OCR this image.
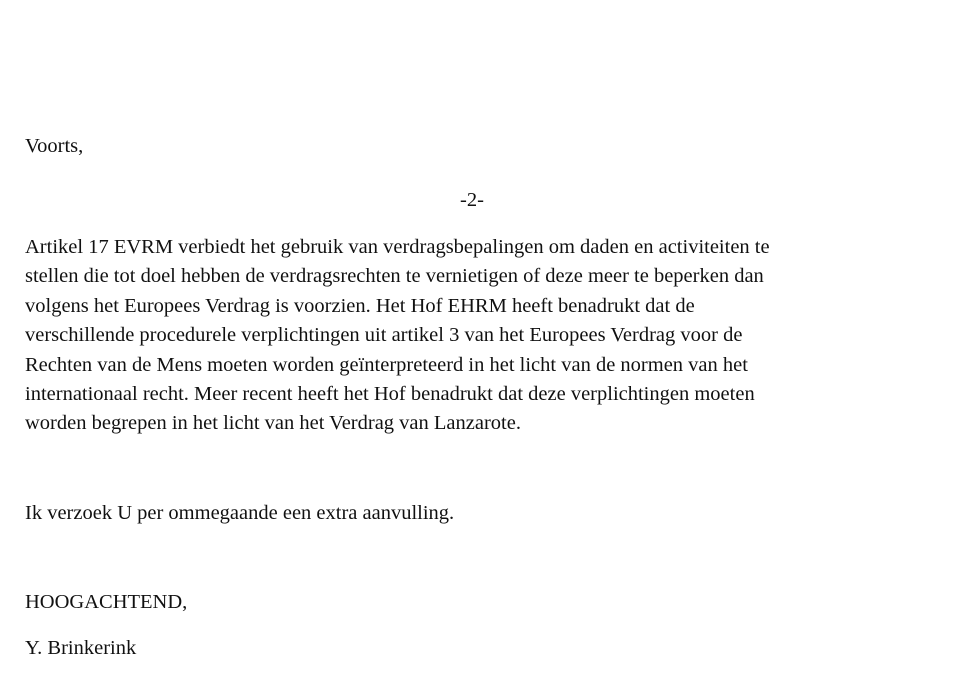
Voorts,
-2-
Artikel 17 EVRM verbiedt het gebruik van verdragsbepalingen om daden en activiteiten te
stellen die tot doel hebben de verdragsrechten te vernietigen of deze meer te beperken dan
volgens het Europees Verdrag is voorzien. Het Hof EHRM heeft benadrukt dat de
verschillende procedurele verplichtingen uit artikel 3 van het Europees Verdrag voor de
Rechten van de Mens moeten worden geïnterpreteerd in het licht van de normen van het
internationaal recht. Meer recent heeft het Hof benadrukt dat deze verplichtingen moeten
worden begrepen in het licht van het Verdrag van Lanzarote.
Ik verzoek U per ommegaande een extra aanvulling.
HOOGACHTEND,
Y. Brinkerink
